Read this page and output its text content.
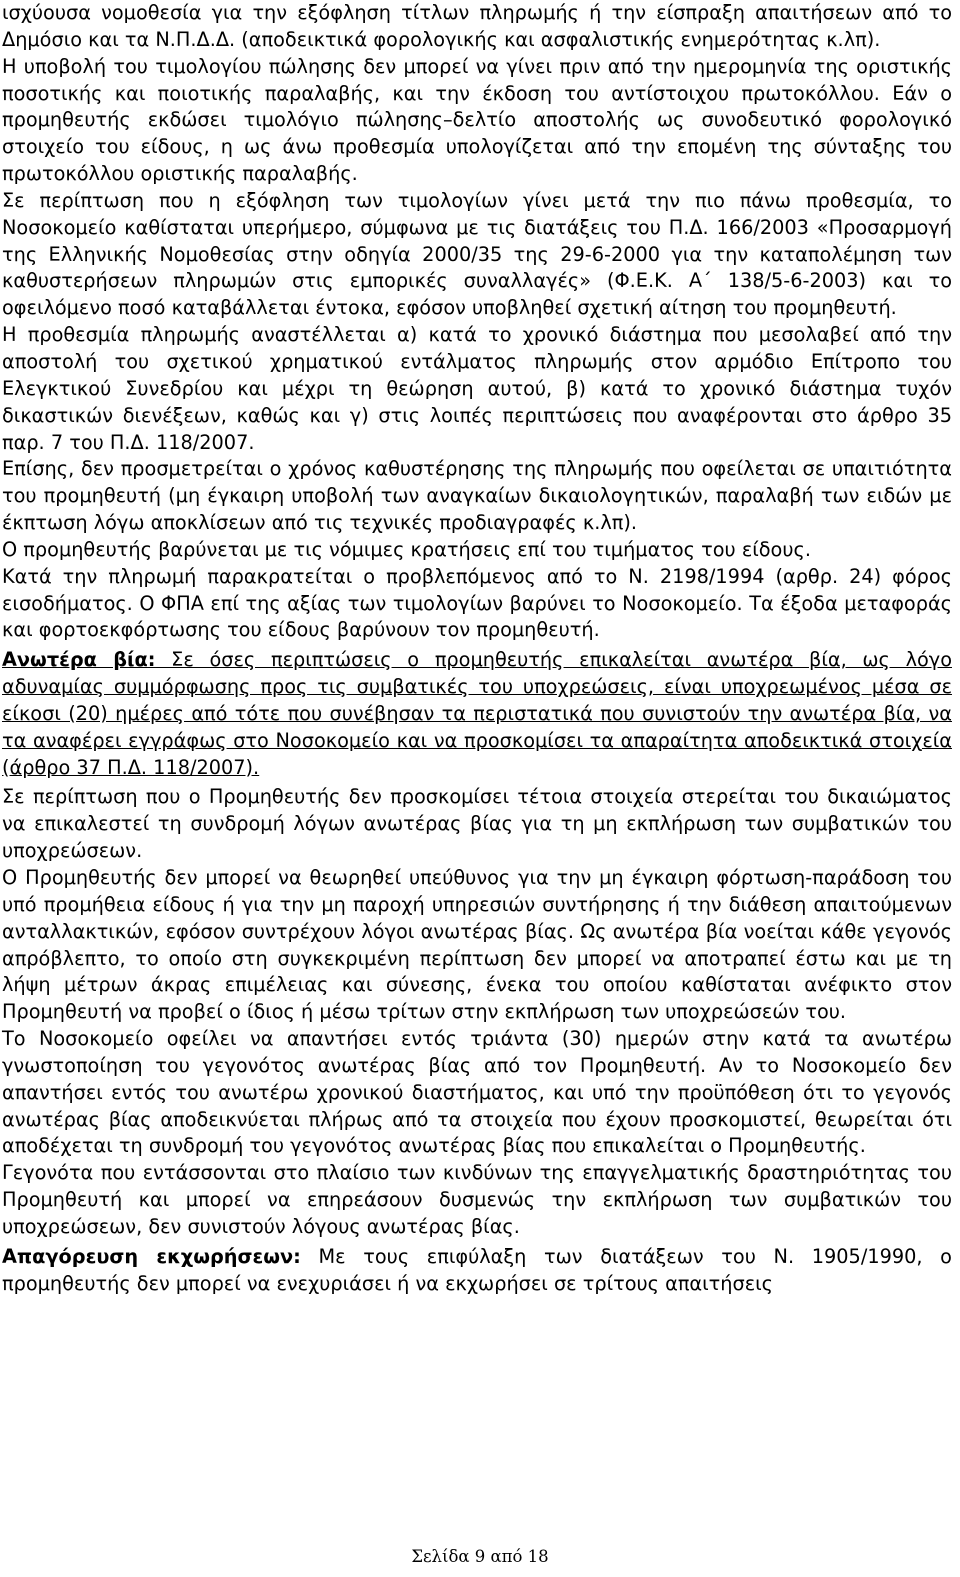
ισχύουσα νομοθεσία για την εξόφληση τίτλων πληρωμής ή την είσπραξη απαιτήσεων από το Δημόσιο και τα Ν.Π.Δ.Δ. (αποδεικτικά φορολογικής και ασφαλιστικής ενημερότητας κ.λπ).

Η υποβολή του τιμολογίου πώλησης δεν μπορεί να γίνει πριν από την ημερομηνία της οριστικής ποσοτικής και ποιοτικής παραλαβής, και την έκδοση του αντίστοιχου πρωτοκόλλου. Εάν ο προμηθευτής εκδώσει τιμολόγιο πώλησης–δελτίο αποστολής ως συνοδευτικό φορολογικό στοιχείο του είδους, η ως άνω προθεσμία υπολογίζεται από την επομένη της σύνταξης του πρωτοκόλλου οριστικής παραλαβής.

Σε περίπτωση που η εξόφληση των τιμολογίων γίνει μετά την πιο πάνω προθεσμία, το Νοσοκομείο καθίσταται υπερήμερο, σύμφωνα με τις διατάξεις του Π.Δ. 166/2003 «Προσαρμογή της Ελληνικής Νομοθεσίας στην οδηγία 2000/35 της 29-6-2000 για την καταπολέμηση των καθυστερήσεων πληρωμών στις εμπορικές συναλλαγές» (Φ.Ε.Κ. Α΄ 138/5-6-2003) και το οφειλόμενο ποσό καταβάλλεται έντοκα, εφόσον υποβληθεί σχετική αίτηση του προμηθευτή.

Η προθεσμία πληρωμής αναστέλλεται α) κατά το χρονικό διάστημα που μεσολαβεί από την αποστολή του σχετικού χρηματικού εντάλματος πληρωμής στον αρμόδιο Επίτροπο του Ελεγκτικού Συνεδρίου και μέχρι τη θεώρηση αυτού, β) κατά το χρονικό διάστημα τυχόν δικαστικών διενέξεων, καθώς και γ) στις λοιπές περιπτώσεις που αναφέρονται στο άρθρο 35 παρ. 7 του Π.Δ. 118/2007.

Επίσης, δεν προσμετρείται ο χρόνος καθυστέρησης της πληρωμής που οφείλεται σε υπαιτιότητα του προμηθευτή (μη έγκαιρη υποβολή των αναγκαίων δικαιολογητικών, παραλαβή των ειδών με έκπτωση λόγω αποκλίσεων από τις τεχνικές προδιαγραφές κ.λπ).

Ο προμηθευτής βαρύνεται με τις νόμιμες κρατήσεις επί του τιμήματος του είδους.

Κατά την πληρωμή παρακρατείται ο προβλεπόμενος από το Ν. 2198/1994 (αρθρ. 24) φόρος εισοδήματος. Ο ΦΠΑ επί της αξίας των τιμολογίων βαρύνει το Νοσοκομείο. Τα έξοδα μεταφοράς και φορτοεκφόρτωσης του είδους βαρύνουν τον προμηθευτή.

Ανωτέρα βία: Σε όσες περιπτώσεις ο προμηθευτής επικαλείται ανωτέρα βία, ως λόγο αδυναμίας συμμόρφωσης προς τις συμβατικές του υποχρεώσεις, είναι υποχρεωμένος μέσα σε είκοσι (20) ημέρες από τότε που συνέβησαν τα περιστατικά που συνιστούν την ανωτέρα βία, να τα αναφέρει εγγράφως στο Νοσοκομείο και να προσκομίσει τα απαραίτητα αποδεικτικά στοιχεία (άρθρο 37 Π.Δ. 118/2007).

Σε περίπτωση που ο Προμηθευτής δεν προσκομίσει τέτοια στοιχεία στερείται του δικαιώματος να επικαλεστεί τη συνδρομή λόγων ανωτέρας βίας για τη μη εκπλήρωση των συμβατικών του υποχρεώσεων.

Ο Προμηθευτής δεν μπορεί να θεωρηθεί υπεύθυνος για την μη έγκαιρη φόρτωση-παράδοση του υπό προμήθεια είδους ή για την μη παροχή υπηρεσιών συντήρησης ή την διάθεση απαιτούμενων ανταλλακτικών, εφόσον συντρέχουν λόγοι ανωτέρας βίας. Ως ανωτέρα βία νοείται κάθε γεγονός απρόβλεπτο, το οποίο στη συγκεκριμένη περίπτωση δεν μπορεί να αποτραπεί έστω και με τη λήψη μέτρων άκρας επιμέλειας και σύνεσης, ένεκα του οποίου καθίσταται ανέφικτο στον Προμηθευτή να προβεί ο ίδιος ή μέσω τρίτων στην εκπλήρωση των υποχρεώσεών του.

Το Νοσοκομείο οφείλει να απαντήσει εντός τριάντα (30) ημερών στην κατά τα ανωτέρω γνωστοποίηση του γεγονότος ανωτέρας βίας από τον Προμηθευτή. Αν το Νοσοκομείο δεν απαντήσει εντός του ανωτέρω χρονικού διαστήματος, και υπό την προϋπόθεση ότι το γεγονός ανωτέρας βίας αποδεικνύεται πλήρως από τα στοιχεία που έχουν προσκομιστεί, θεωρείται ότι αποδέχεται τη συνδρομή του γεγονότος ανωτέρας βίας που επικαλείται ο Προμηθευτής.

Γεγονότα που εντάσσονται στο πλαίσιο των κινδύνων της επαγγελματικής δραστηριότητας του Προμηθευτή και μπορεί να επηρεάσουν δυσμενώς την εκπλήρωση των συμβατικών του υποχρεώσεων, δεν συνιστούν λόγους ανωτέρας βίας.

Απαγόρευση εκχωρήσεων: Με τους επιφύλαξη των διατάξεων του Ν. 1905/1990, ο προμηθευτής δεν μπορεί να ενεχυριάσει ή να εκχωρήσει σε τρίτους απαιτήσεις

Σελίδα 9 από 18
